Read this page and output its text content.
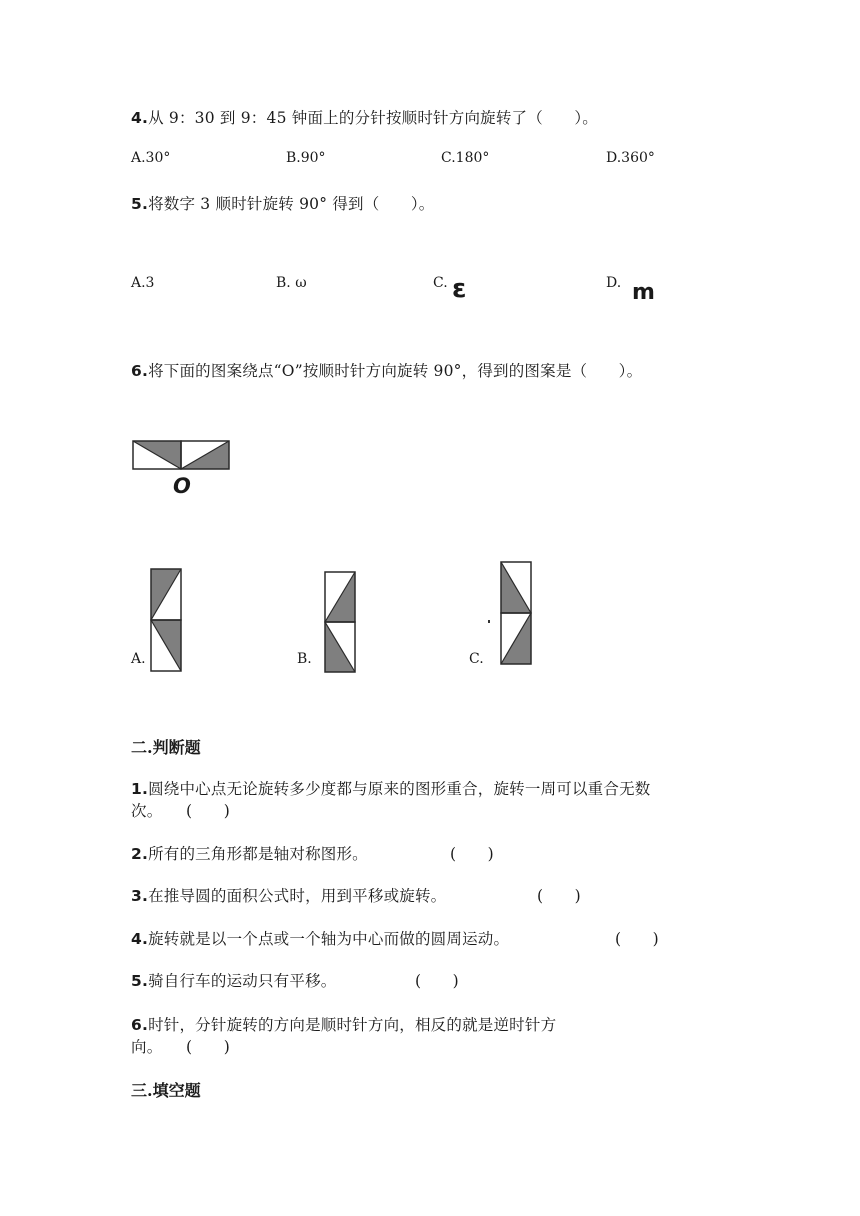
4.从 9：30 到 9：45 钟面上的分针按顺时针方向旋转了（　　）。
A.30°	B.90°	C.180°	D.360°
5.将数字 3 顺时针旋转 90° 得到（　　）。
A.3	B. ω	C. ε	D. m
6.将下面的图案绕点“O”按顺时针方向旋转 90°，得到的图案是（　　）。
O
A.	B.	C.
二.判断题
1.圆绕中心点无论旋转多少度都与原来的图形重合，旋转一周可以重合无数
次。　　(　　)
2.所有的三角形都是轴对称图形。	(　　)
3.在推导圆的面积公式时，用到平移或旋转。	(　　)
4.旋转就是以一个点或一个轴为中心而做的圆周运动。	(　　)
5.骑自行车的运动只有平移。	(　　)
6.时针，分针旋转的方向是顺时针方向，相反的就是逆时针方
向。　　(　　)
三.填空题
